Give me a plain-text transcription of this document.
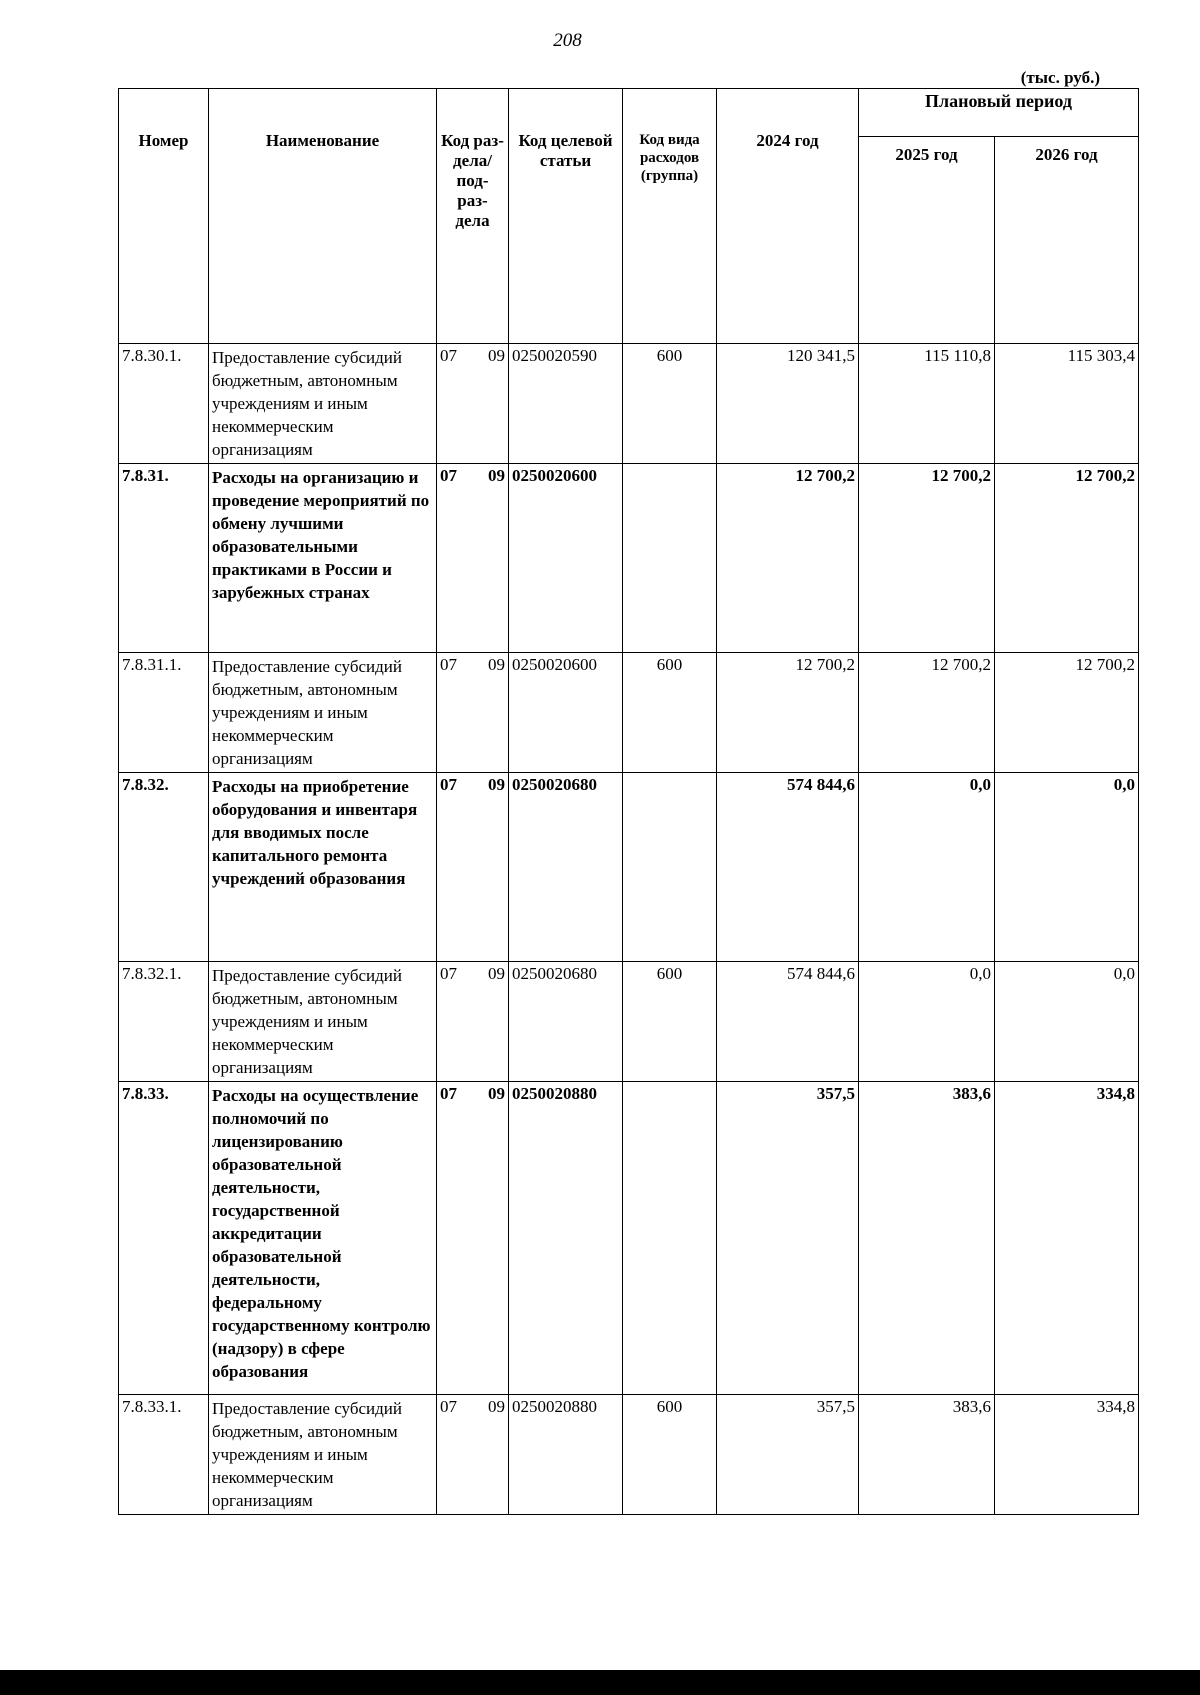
208
(тыс. руб.)
Номер	Наименование	Код раз- дела/ под- раз- дела	Код целевой статьи	Код вида расходов (группа)	2024 год	Плановый период	
						2025 год	2026 год
7.8.30.1.	Предоставление субсидий бюджетным, автономным учреждениям и иным некоммерческим организациям	07 09	0250020590	600	120 341,5	115 110,8	115 303,4
7.8.31.	Расходы на организацию и проведение мероприятий по обмену лучшими образовательными практиками в России и зарубежных странах	07 09	0250020600		12 700,2	12 700,2	12 700,2
7.8.31.1.	Предоставление субсидий бюджетным, автономным учреждениям и иным некоммерческим организациям	07 09	0250020600	600	12 700,2	12 700,2	12 700,2
7.8.32.	Расходы на приобретение оборудования и инвентаря для вводимых после капитального ремонта учреждений образования	07 09	0250020680		574 844,6	0,0	0,0
7.8.32.1.	Предоставление субсидий бюджетным, автономным учреждениям и иным некоммерческим организациям	07 09	0250020680	600	574 844,6	0,0	0,0
7.8.33.	Расходы на осуществление полномочий по лицензированию образовательной деятельности, государственной аккредитации образовательной деятельности, федеральному государственному контролю (надзору) в сфере образования	07 09	0250020880		357,5	383,6	334,8
7.8.33.1.	Предоставление субсидий бюджетным, автономным учреждениям и иным некоммерческим организациям	07 09	0250020880	600	357,5	383,6	334,8
